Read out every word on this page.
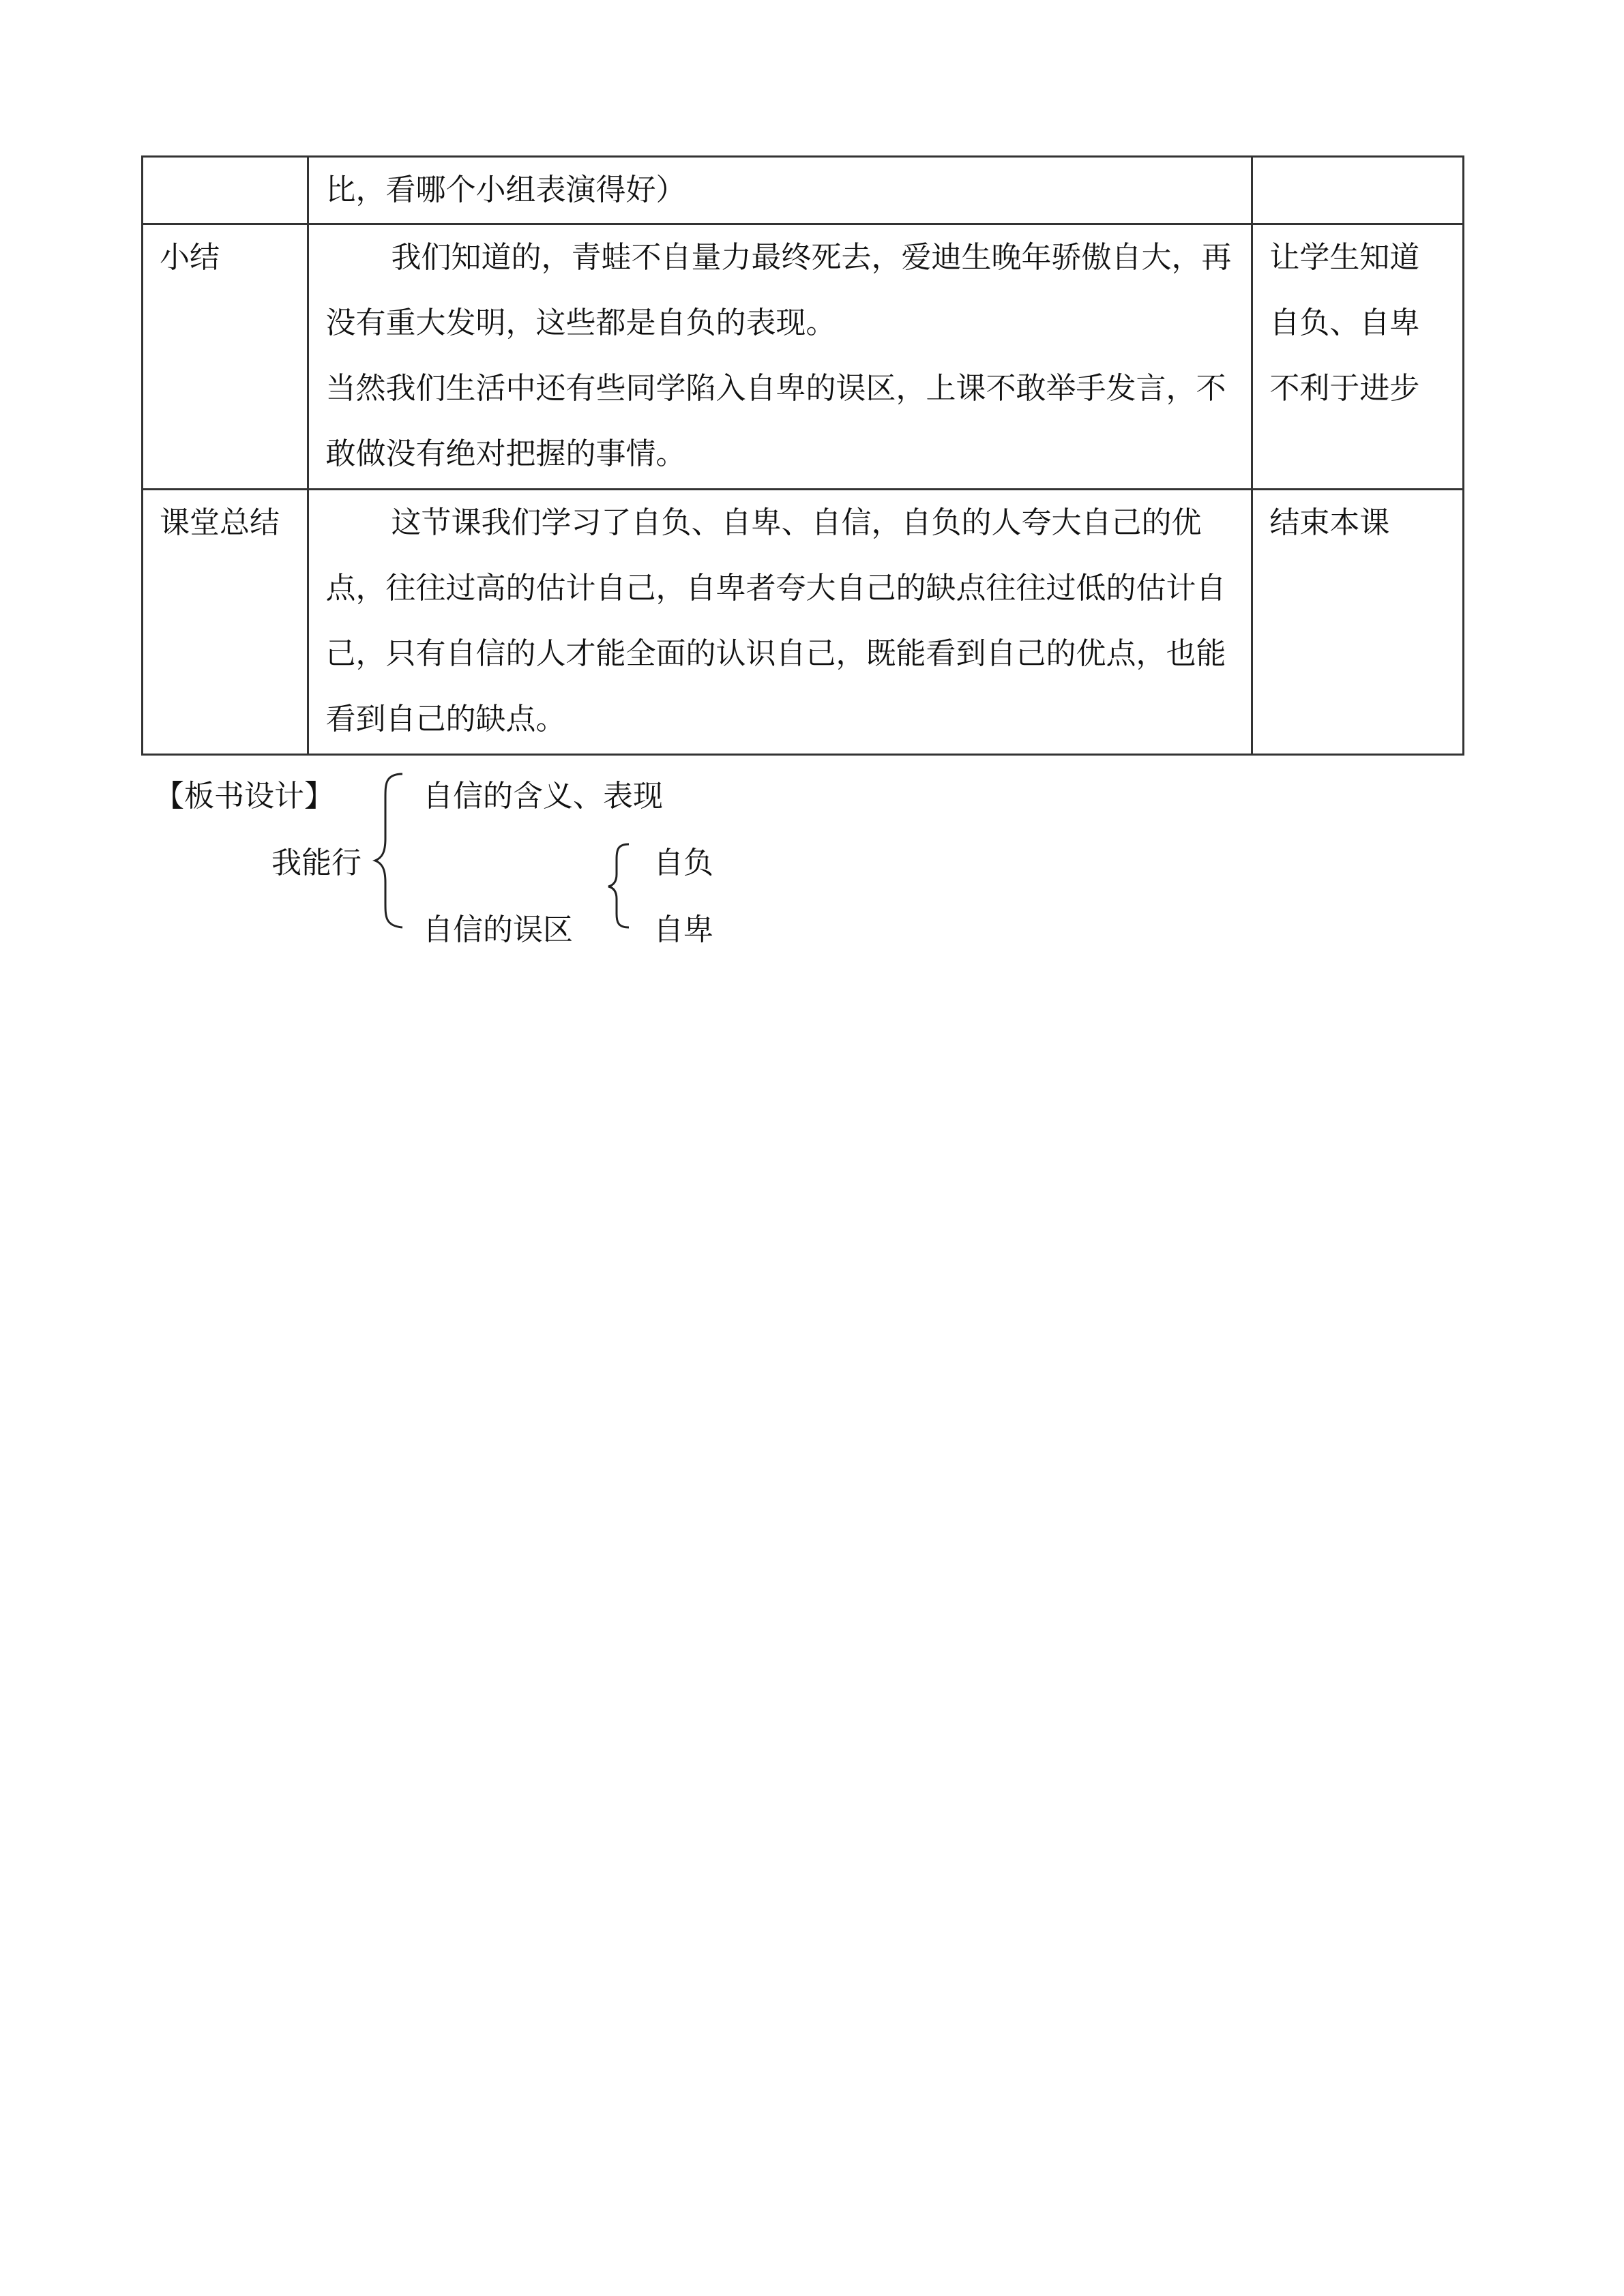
	比，看哪个小组表演得好）	

小结	我们知道的，青蛙不自量力最终死去，爱迪生晚年骄傲自大，再没有重大发明，这些都是自负的表现。
当然我们生活中还有些同学陷入自卑的误区，上课不敢举手发言，不敢做没有绝对把握的事情。	让学生知道自负、自卑不利于进步
课堂总结	这节课我们学习了自负、自卑、自信，自负的人夸大自己的优点，往往过高的估计自己，自卑者夸大自己的缺点往往过低的估计自己，只有自信的人才能全面的认识自己，既能看到自己的优点，也能看到自己的缺点。	结束本课
【板书设计】
我能行
自信的含义、表现
自信的误区
自负
自卑
